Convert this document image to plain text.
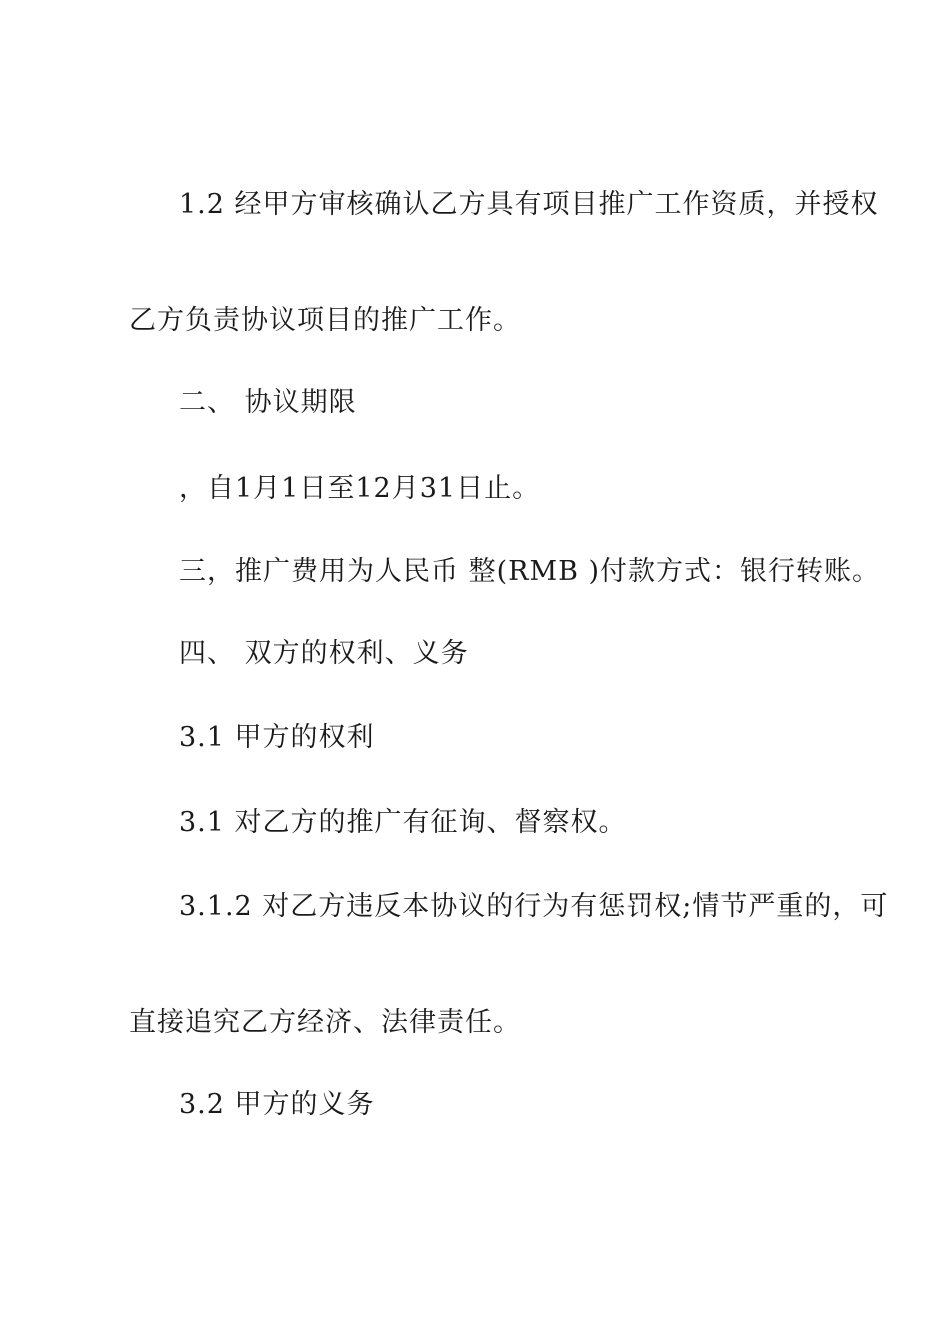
1.2 经甲方审核确认乙方具有项目推广工作资质，并授权
乙方负责协议项目的推广工作。
二、 协议期限
，自1月1日至12月31日止。
三，推广费用为人民币 整(RMB )付款方式：银行转账。
四、 双方的权利、义务
3.1 甲方的权利
3.1 对乙方的推广有征询、督察权。
3.1.2 对乙方违反本协议的行为有惩罚权;情节严重的，可
直接追究乙方经济、法律责任。
3.2 甲方的义务
